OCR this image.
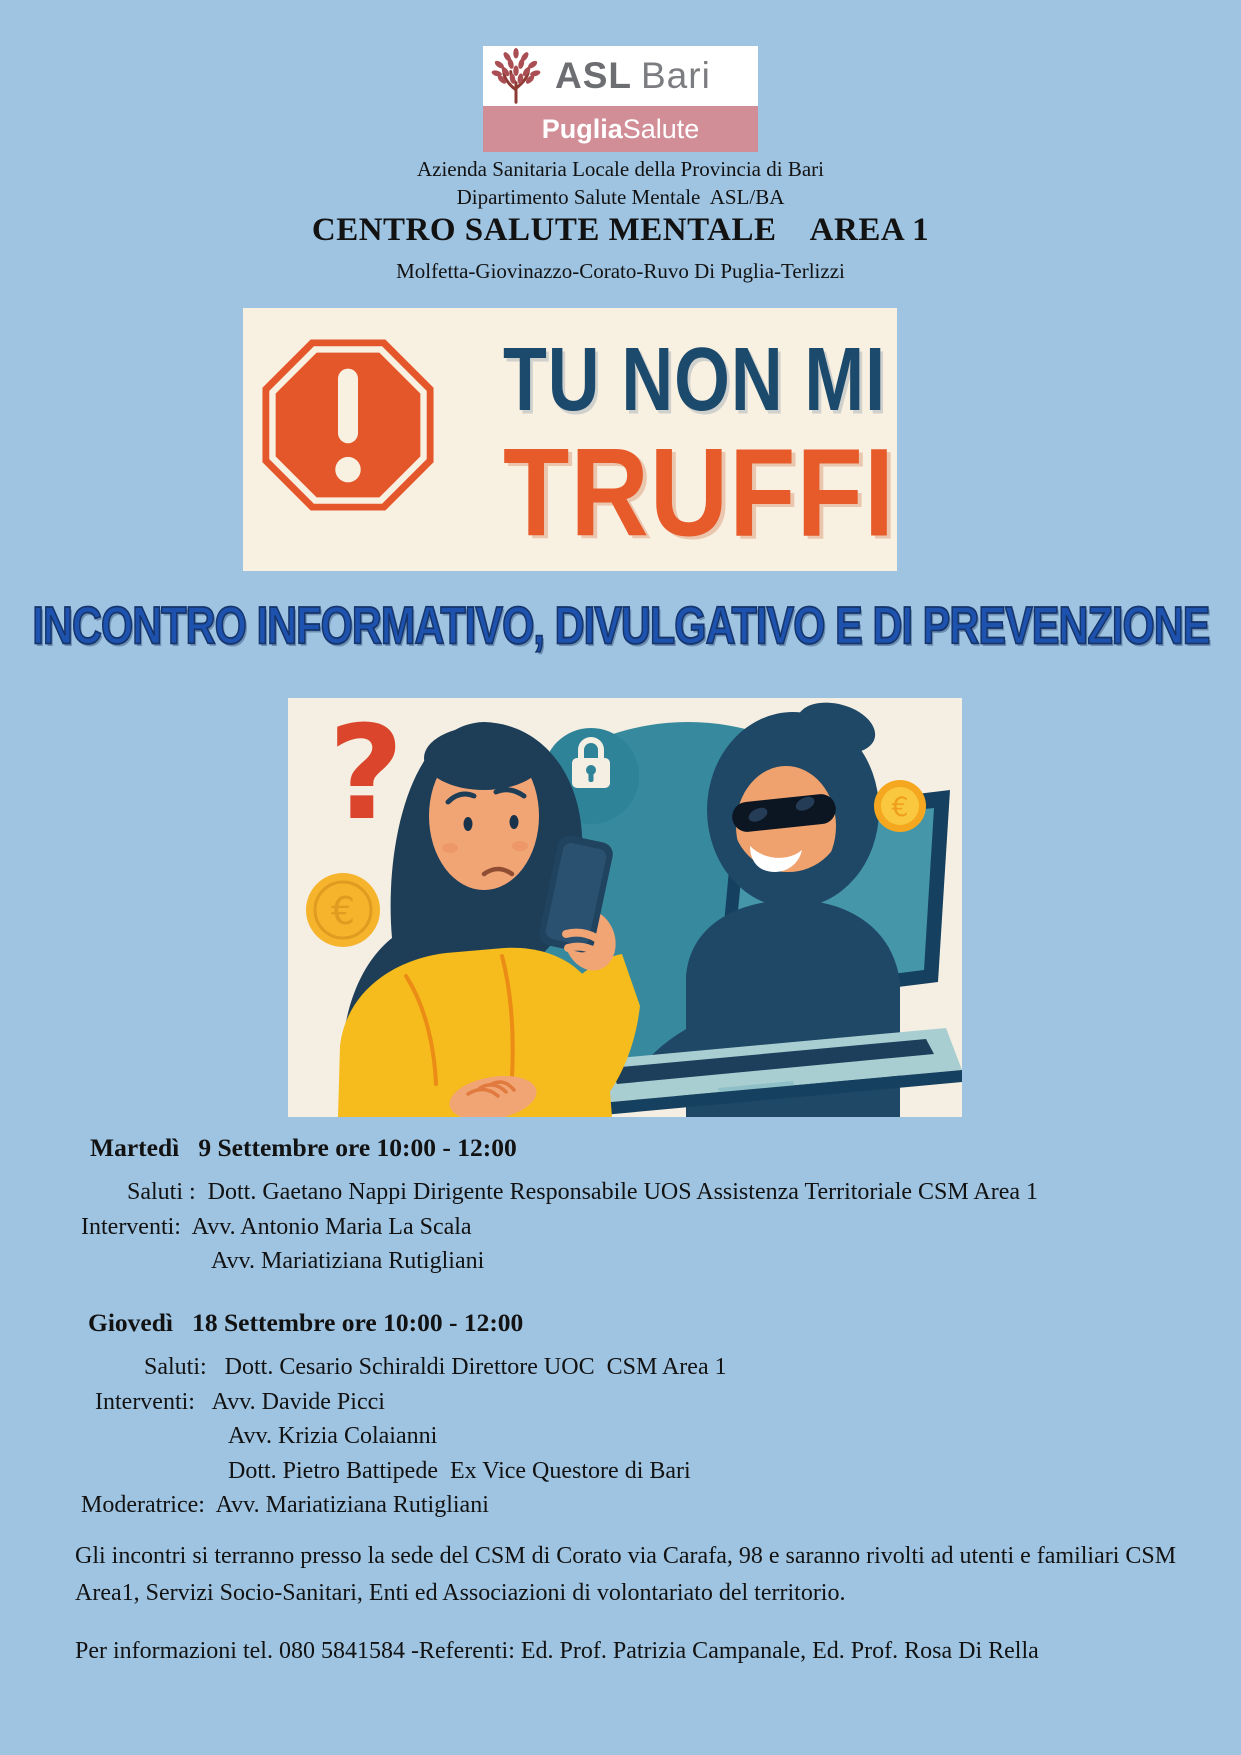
ASL Bari
Puglia Salute
Azienda Sanitaria Locale della Provincia di Bari
Dipartimento Salute Mentale  ASL/BA
CENTRO SALUTE MENTALE    AREA 1
Molfetta-Giovinazzo-Corato-Ruvo Di Puglia-Terlizzi
TU NON MI
TRUFFI
INCONTRO INFORMATIVO, DIVULGATIVO E DI PREVENZIONE
€
?	€
Martedì   9 Settembre ore 10:00 - 12:00
Saluti :  Dott. Gaetano Nappi Dirigente Responsabile UOS Assistenza Territoriale CSM Area 1
Interventi:  Avv. Antonio Maria La Scala
Avv. Mariatiziana Rutigliani
Giovedì   18 Settembre ore 10:00 - 12:00
Saluti:   Dott. Cesario Schiraldi Direttore UOC  CSM Area 1
Interventi:   Avv. Davide Picci
Avv. Krizia Colaianni
Dott. Pietro Battipede  Ex Vice Questore di Bari
Moderatrice:  Avv. Mariatiziana Rutigliani
Gli incontri si terranno presso la sede del CSM di Corato via Carafa, 98 e saranno rivolti ad utenti e familiari CSM Area1, Servizi Socio-Sanitari, Enti ed Associazioni di volontariato del territorio.
Per informazioni tel. 080 5841584 -Referenti: Ed. Prof. Patrizia Campanale, Ed. Prof. Rosa Di Rella
